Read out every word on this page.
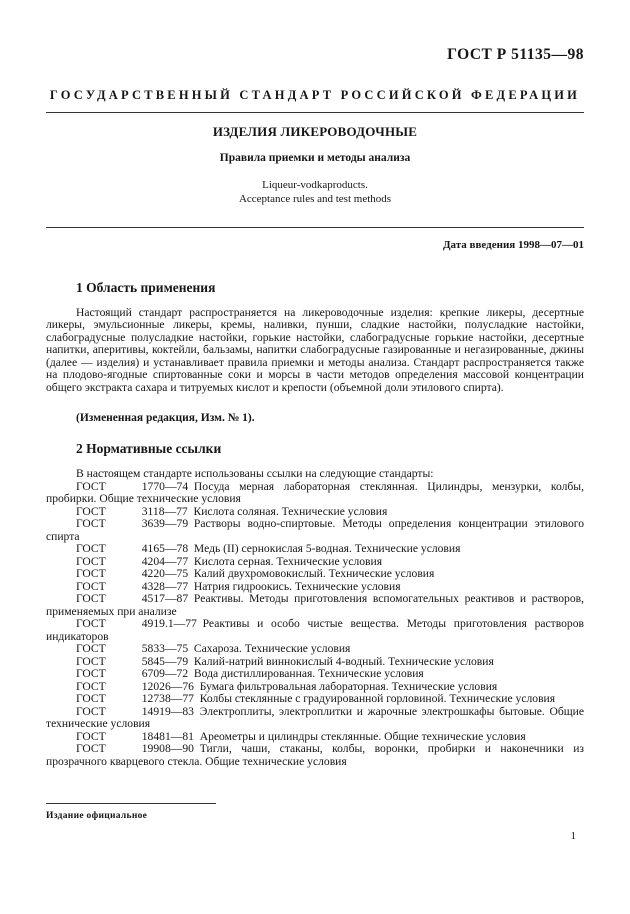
ГОСТ Р 51135—98
ГОСУДАРСТВЕННЫЙ СТАНДАРТ РОССИЙСКОЙ ФЕДЕРАЦИИ
ИЗДЕЛИЯ ЛИКЕРОВОДОЧНЫЕ
Правила приемки и методы анализа
Liqueur-vodkaproducts.
Acceptance rules and test methods
Дата введения 1998—07—01
1 Область применения

Настоящий стандарт распространяется на ликероводочные изделия: крепкие ликеры, десертные ликеры, эмульсионные ликеры, кремы, наливки, пунши, сладкие настойки, полусладкие настойки, слабоградусные полусладкие настойки, горькие настойки, слабоградусные горькие настойки, десертные напитки, аперитивы, коктейли, бальзамы, напитки слабоградусные газированные и негазированные, джины (далее — изделия) и устанавливает правила приемки и методы анализа. Стандарт распространяется также на плодово-ягодные спиртованные соки и морсы в части методов определения массовой концентрации общего экстракта сахара и титруемых кислот и крепости (объемной доли этилового спирта).

(Измененная редакция, Изм. № 1).
2 Нормативные ссылки
В настоящем стандарте использованы ссылки на следующие стандарты:

ГОСТ	1770—74  Посуда мерная лабораторная стеклянная. Цилиндры, мензурки, колбы, пробирки. Общие технические условия

ГОСТ	3118—77  Кислота соляная. Технические условия

ГОСТ	3639—79  Растворы водно-спиртовые. Методы определения концентрации этилового спирта

ГОСТ	4165—78  Медь (II) сернокислая 5-водная. Технические условия

ГОСТ	4204—77  Кислота серная. Технические условия

ГОСТ	4220—75  Калий двухромовокислый. Технические условия

ГОСТ	4328—77  Натрия гидроокись. Технические условия

ГОСТ	4517—87  Реактивы. Методы приготовления вспомогательных реактивов и растворов, применяемых при анализе

ГОСТ	4919.1—77  Реактивы и особо чистые вещества. Методы приготовления растворов индикаторов

ГОСТ	5833—75  Сахароза. Технические условия

ГОСТ	5845—79  Калий-натрий виннокислый 4-водный. Технические условия

ГОСТ	6709—72  Вода дистиллированная. Технические условия

ГОСТ	12026—76  Бумага фильтровальная лабораторная. Технические условия

ГОСТ	12738—77  Колбы стеклянные с градуированной горловиной. Технические условия

ГОСТ	14919—83  Электроплиты, электроплитки и жарочные электрошкафы бытовые. Общие технические условия

ГОСТ	18481—81  Ареометры и цилиндры стеклянные. Общие технические условия

ГОСТ	19908—90  Тигли, чаши, стаканы, колбы, воронки, пробирки и наконечники из прозрачного кварцевого стекла. Общие технические условия

Издание официальное
1
